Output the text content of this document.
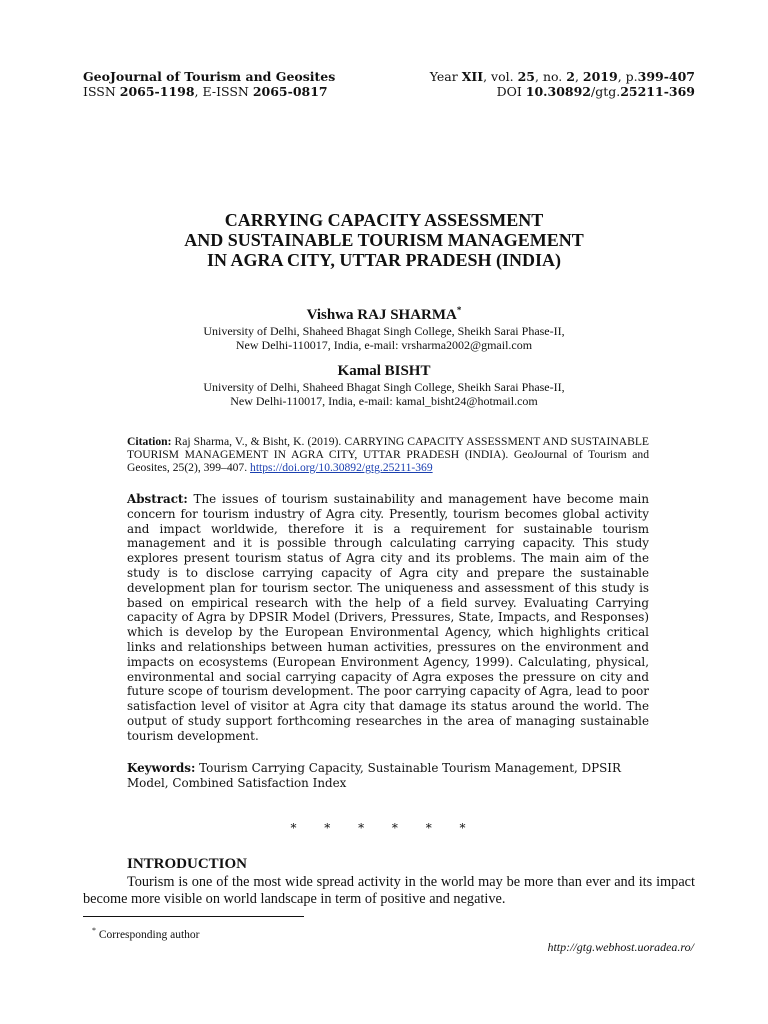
GeoJournal of Tourism and Geosites
ISSN 2065-1198, E-ISSN 2065-0817
Year XII, vol. 25, no. 2, 2019, p.399-407
DOI 10.30892/gtg.25211-369
CARRYING CAPACITY ASSESSMENT
AND SUSTAINABLE TOURISM MANAGEMENT
IN AGRA CITY, UTTAR PRADESH (INDIA)
Vishwa RAJ SHARMA*
University of Delhi, Shaheed Bhagat Singh College, Sheikh Sarai Phase-II,
New Delhi-110017, India, e-mail: vrsharma2002@gmail.com
Kamal BISHT
University of Delhi, Shaheed Bhagat Singh College, Sheikh Sarai Phase-II,
New Delhi-110017, India, e-mail: kamal_bisht24@hotmail.com
Citation: Raj Sharma, V., & Bisht, K. (2019). CARRYING CAPACITY ASSESSMENT AND SUSTAINABLE TOURISM MANAGEMENT IN AGRA CITY, UTTAR PRADESH (INDIA). GeoJournal of Tourism and Geosites, 25(2), 399–407. https://doi.org/10.30892/gtg.25211-369
Abstract: The issues of tourism sustainability and management have become main concern for tourism industry of Agra city. Presently, tourism becomes global activity and impact worldwide, therefore it is a requirement for sustainable tourism management and it is possible through calculating carrying capacity. This study explores present tourism status of Agra city and its problems. The main aim of the study is to disclose carrying capacity of Agra city and prepare the sustainable development plan for tourism sector. The uniqueness and assessment of this study is based on empirical research with the help of a field survey. Evaluating Carrying capacity of Agra by DPSIR Model (Drivers, Pressures, State, Impacts, and Responses) which is develop by the European Environmental Agency, which highlights critical links and relationships between human activities, pressures on the environment and impacts on ecosystems (European Environment Agency, 1999). Calculating, physical, environmental and social carrying capacity of Agra exposes the pressure on city and future scope of tourism development. The poor carrying capacity of Agra, lead to poor satisfaction level of visitor at Agra city that damage its status around the world. The output of study support forthcoming researches in the area of managing sustainable tourism development.
Keywords: Tourism Carrying Capacity, Sustainable Tourism Management, DPSIR Model, Combined Satisfaction Index
* * * * * *
INTRODUCTION
Tourism is one of the most wide spread activity in the world may be more than ever and its impact become more visible on world landscape in term of positive and negative.
* Corresponding author
http://gtg.webhost.uoradea.ro/
